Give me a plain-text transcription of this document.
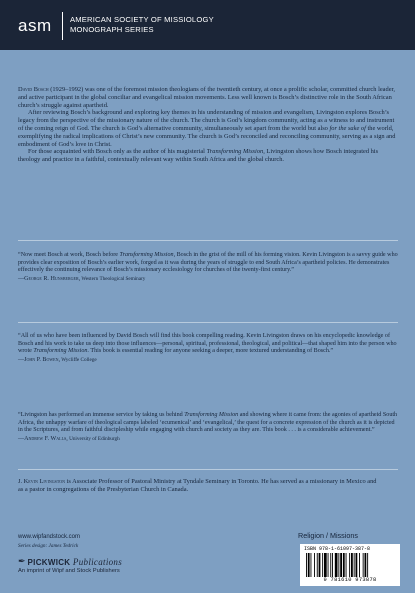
asm AMERICAN SOCIETY OF MISSIOLOGY
MONOGRAPH SERIES

David Bosch (1929–1992) was one of the foremost mission theologians of the twentieth century, at once a prolific scholar, committed church leader, and active participant in the global conciliar and evangelical mission movements. Less well known is Bosch’s distinctive role in the South African church’s struggle against apartheid.

After reviewing Bosch’s background and exploring key themes in his understanding of mission and evangelism, Livingston explores Bosch’s legacy from the perspective of the missionary nature of the church. The church is God’s kingdom community, acting as a witness to and instrument of the coming reign of God. The church is God’s alternative community, simultaneously set apart from the world but also for the sake of the world, exemplifying the radical implications of Christ’s new community. The church is God’s reconciled and reconciling community, serving as a sign and embodiment of God’s love in Christ.

For those acquainted with Bosch only as the author of his magisterial Transforming Mission, Livingston shows how Bosch integrated his theology and practice in a faithful, contextually relevant way within South Africa and the global church.

“Now meet Bosch at work, Bosch before Transforming Mission, Bosch in the grist of the mill of his forming vision. Kevin Livingston is a savvy guide who provides clear exposition of Bosch’s earlier work, forged as it was during the years of struggle to end South Africa’s apartheid policies. He demonstrates effectively the continuing relevance of Bosch’s missionary ecclesiology for churches of the twenty-first century.”
—George R. Hunsberger, Western Theological Seminary
“All of us who have been influenced by David Bosch will find this book compelling reading. Kevin Livingston draws on his encyclopedic knowledge of Bosch and his work to take us deep into those influences—personal, spiritual, professional, theological, and political—that shaped him into the person who wrote Transforming Mission. This book is essential reading for anyone seeking a deeper, more textured understanding of Bosch.”
—John P. Bowen, Wycliffe College
“Livingston has performed an immense service by taking us behind Transforming Mission and showing where it came from: the agonies of apartheid South Africa, the unhappy warfare of theological camps labeled ‘ecumenical’ and ‘evangelical,’ the quest for a concrete expression of the church as it is depicted in the Scriptures, and from faithful discipleship while engaging with church and society as they are. This book . . . is a considerable achievement.”
—Andrew F. Walls, University of Edinburgh
J. Kevin Livingston is Associate Professor of Pastoral Ministry at Tyndale Seminary in Toronto. He has served as a missionary in Mexico and as a pastor in congregations of the Presbyterian Church in Canada.
www.wipfandstock.com
Series design: James Tedrick
✒ PICKWICK Publications
An imprint of Wipf and Stock Publishers
Religion / Missions
ISBN 978-1-61097-387-8
9 781610 973878
